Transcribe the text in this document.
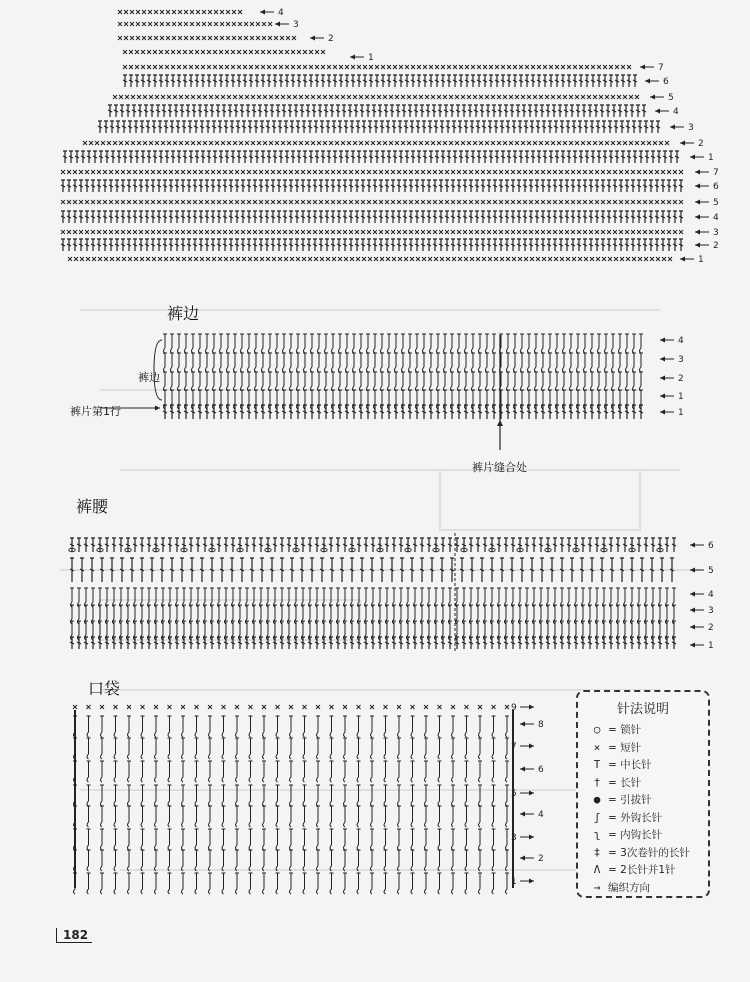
4
3
2
1
7
6
5
4
3
2
1
7
6
5
4
3
2
1
裤边
裤边
裤片第1行
裤片缝合处
4
3
2
1
1
裤腰
6
5
4
3
2
1
口袋
9
8
7
6
5
4
3
2
1
针法说明
○ = 锁针
× = 短针
T = 中长针
† = 长针
● = 引拔针
ʃ = 外钩长针
ʅ = 内钩长针
‡ = 3次卷针的长针
Λ = 2长针并1针
→ 编织方向
182
